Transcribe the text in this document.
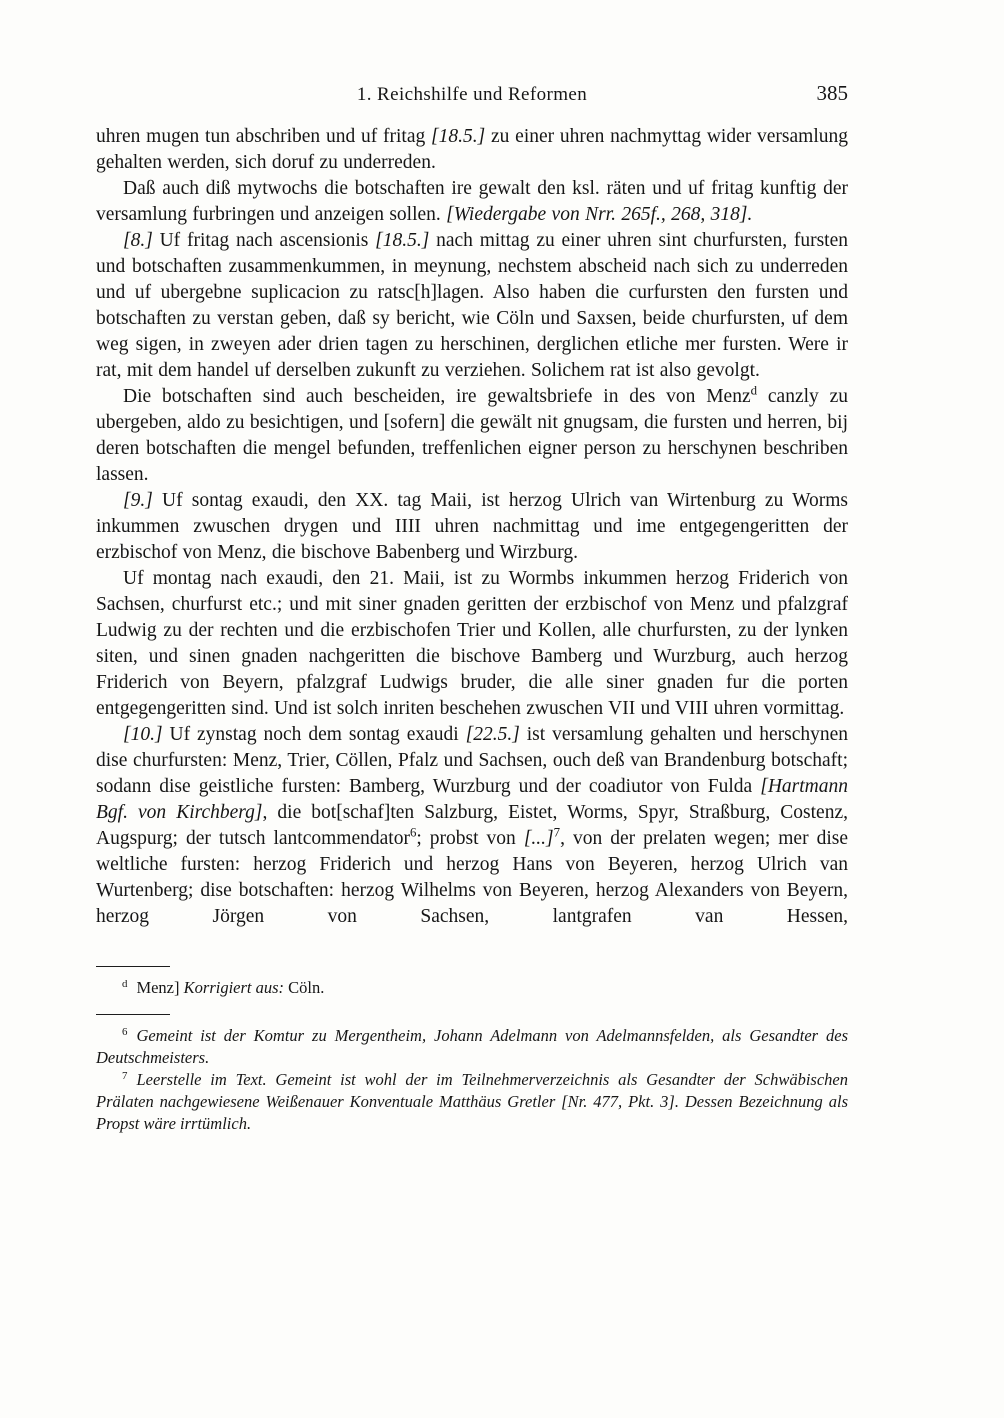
1. Reichshilfe und Reformen	385

uhren mugen tun abschriben und uf fritag [18.5.] zu einer uhren nachmyttag wider versamlung gehalten werden, sich doruf zu underreden.

Daß auch diß mytwochs die botschaften ire gewalt den ksl. räten und uf fritag kunftig der versamlung furbringen und anzeigen sollen. [Wiedergabe von Nrr. 265f., 268, 318].

[8.] Uf fritag nach ascensionis [18.5.] nach mittag zu einer uhren sint churfursten, fursten und botschaften zusammenkummen, in meynung, nechstem abscheid nach sich zu underreden und uf ubergebne suplicacion zu ratsc[h]lagen. Also haben die curfursten den fursten und botschaften zu verstan geben, daß sy bericht, wie Cöln und Saxsen, beide churfursten, uf dem weg sigen, in zweyen ader drien tagen zu herschinen, derglichen etliche mer fursten. Were ir rat, mit dem handel uf derselben zukunft zu verziehen. Solichem rat ist also gevolgt.

Die botschaften sind auch bescheiden, ire gewaltsbriefe in des von Menz$^d$ canzly zu ubergeben, aldo zu besichtigen, und [sofern] die gewält nit gnugsam, die fursten und herren, bij deren botschaften die mengel befunden, treffenlichen eigner person zu herschynen beschriben lassen.

[9.] Uf sontag exaudi, den XX. tag Maii, ist herzog Ulrich van Wirtenburg zu Worms inkummen zwuschen drygen und IIII uhren nachmittag und ime entgegengeritten der erzbischof von Menz, die bischove Babenberg und Wirzburg.

Uf montag nach exaudi, den 21. Maii, ist zu Wormbs inkummen herzog Friderich von Sachsen, churfurst etc.; und mit siner gnaden geritten der erzbischof von Menz und pfalzgraf Ludwig zu der rechten und die erzbischofen Trier und Kollen, alle churfursten, zu der lynken siten, und sinen gnaden nachgeritten die bischove Bamberg und Wurzburg, auch herzog Friderich von Beyern, pfalzgraf Ludwigs bruder, die alle siner gnaden fur die porten entgegengeritten sind. Und ist solch inriten beschehen zwuschen VII und VIII uhren vormittag.

[10.] Uf zynstag noch dem sontag exaudi [22.5.] ist versamlung gehalten und herschynen dise churfursten: Menz, Trier, Cöllen, Pfalz und Sachsen, ouch deß van Brandenburg botschaft; sodann dise geistliche fursten: Bamberg, Wurzburg und der coadiutor von Fulda [Hartmann Bgf. von Kirchberg], die bot[schaf]ten Salzburg, Eistet, Worms, Spyr, Straßburg, Costenz, Augspurg; der tutsch lantcommendator$^6$; probst von [...]$^7$, von der prelaten wegen; mer dise weltliche fursten: herzog Friderich und herzog Hans von Beyeren, herzog Ulrich van Wurtenberg; dise botschaften: herzog Wilhelms von Beyeren, herzog Alexanders von Beyern, herzog Jörgen von Sachsen, lantgrafen van Hessen,

$^d$ Menz] Korrigiert aus: Cöln.

$^6$ Gemeint ist der Komtur zu Mergentheim, Johann Adelmann von Adelmannsfelden, als Gesandter des Deutschmeisters.

$^7$ Leerstelle im Text. Gemeint ist wohl der im Teilnehmerverzeichnis als Gesandter der Schwäbischen Prälaten nachgewiesene Weißenauer Konventuale Matthäus Gretler [Nr. 477, Pkt. 3]. Dessen Bezeichnung als Propst wäre irrtümlich.
